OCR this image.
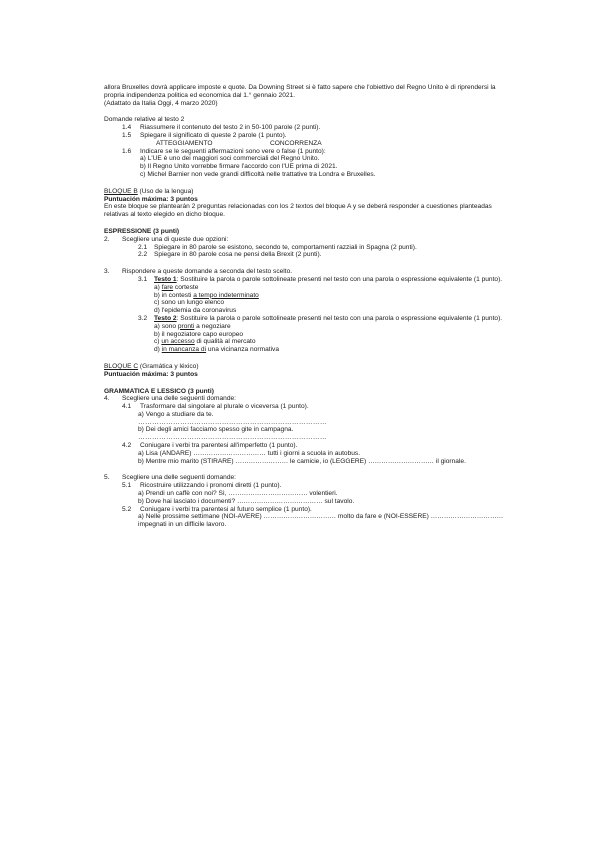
allora Bruxelles dovrà applicare imposte e quote. Da Downing Street si è fatto sapere che l'obiettivo del Regno Unito è di riprendersi la
propria indipendenza politica ed economica dal 1.° gennaio 2021.
(Adattato da Italia Oggi, 4 marzo 2020)
Domande relative al testo 2
1.4	Riassumere il contenuto del testo 2 in 50-100 parole (2 punti).
1.5	Spiegare il significato di queste 2 parole (1 punto).
ATTEGGIAMENTO	CONCORRENZA
1.6	Indicare se le seguenti affermazioni sono vere o false (1 punto):
a) L'UE è uno dei maggiori soci commerciali del Regno Unito.
b) Il Regno Unito vorrebbe firmare l'accordo con l'UE prima di 2021.
c) Michel Barnier non vede grandi difficoltà nelle trattative tra Londra e Bruxelles.
BLOQUE B (Uso de la lengua)
Puntuación máxima: 3 puntos
En este bloque se plantearán 2 preguntas relacionadas con los 2 textos del bloque A y se deberá responder a cuestiones planteadas
relativas al texto elegido en dicho bloque.
ESPRESSIONE (3 punti)
2.	Scegliere una di queste due opzioni:
2.1	Spiegare in 80 parole se esistono, secondo te, comportamenti razziali in Spagna (2 punti).
2.2	Spiegare in 80 parole cosa ne pensi della Brexit (2 punti).
3.	Rispondere a queste domande a seconda del testo scelto.
3.1	Testo 1 : Sostituire la parola o parole sottolineate presenti nel testo con una parola o espressione equivalente (1 punto).
a) fare corteste
b) in contesti a tempo indeterminato
c) sono un lungo elenco
d) l'epidemia da coronavirus
3.2	Testo 2 : Sostituire la parola o parole sottolineate presenti nel testo con una parola o espressione equivalente (1 punto).
a) sono pronti a negoziare
b) il negoziatore capo europeo
c) un accesso di qualità al mercato
d) in mancanza di una vicinanza normativa
BLOQUE C (Gramática y léxico)
Puntuación máxima: 3 puntos
GRAMMATICA E LESSICO (3 punti)
4.	Scegliere una delle seguenti domande:
4.1	Trasformare dal singolare al plurale o viceversa (1 punto).
a) Vengo a studiare da te.
………………………………………………………………………
b) Dei degli amici facciamo spesso gite in campagna.
………………………………………………………………………
4.2	Coniugare i verbi tra parentesi all'imperfetto (1 punto).
a) Lisa (ANDARE) …………………………… tutti i giorni a scuola in autobus.
b) Mentre mio marito (STIRARE) …………………… le camicie, io (LEGGERE) ………………………… il giornale.
5.	Scegliere una delle seguenti domande:
5.1	Ricostruire utilizzando i pronomi diretti (1 punto).
a) Prendi un caffè con noi? Sì, ……………………………… volentieri.
b) Dove hai lasciato i documenti? ………………………………… sul tavolo.
5.2	Coniugare i verbi tra parentesi al futuro semplice (1 punto).
a) Nelle prossime settimane (NOI-AVERE) …………………………… molto da fare e (NOI-ESSERE) ……………………………
impegnati in un difficile lavoro.
